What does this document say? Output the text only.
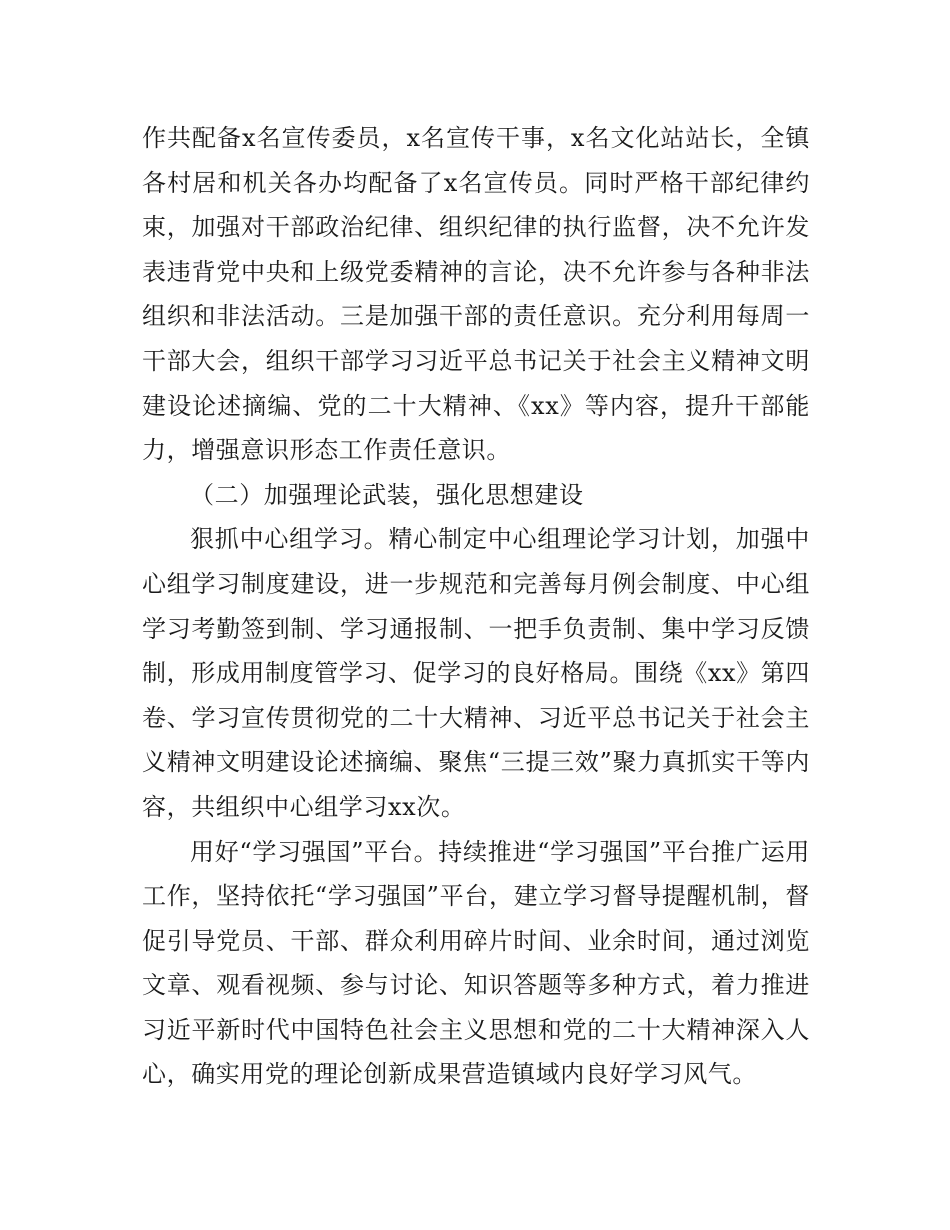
作共配备x名宣传委员，x名宣传干事，x名文化站站长，全镇各村居和机关各办均配备了x名宣传员。同时严格干部纪律约束，加强对干部政治纪律、组织纪律的执行监督，决不允许发表违背党中央和上级党委精神的言论，决不允许参与各种非法组织和非法活动。三是加强干部的责任意识。充分利用每周一干部大会，组织干部学习习近平总书记关于社会主义精神文明建设论述摘编、党的二十大精神、《xx》等内容，提升干部能力，增强意识形态工作责任意识。

（二）加强理论武装，强化思想建设

狠抓中心组学习。精心制定中心组理论学习计划，加强中心组学习制度建设，进一步规范和完善每月例会制度、中心组学习考勤签到制、学习通报制、一把手负责制、集中学习反馈制，形成用制度管学习、促学习的良好格局。围绕《xx》第四卷、学习宣传贯彻党的二十大精神、习近平总书记关于社会主义精神文明建设论述摘编、聚焦“三提三效”聚力真抓实干等内容，共组织中心组学习xx次。

用好“学习强国”平台。持续推进“学习强国”平台推广运用工作，坚持依托“学习强国”平台，建立学习督导提醒机制，督促引导党员、干部、群众利用碎片时间、业余时间，通过浏览文章、观看视频、参与讨论、知识答题等多种方式，着力推进习近平新时代中国特色社会主义思想和党的二十大精神深入人心，确实用党的理论创新成果营造镇域内良好学习风气。
